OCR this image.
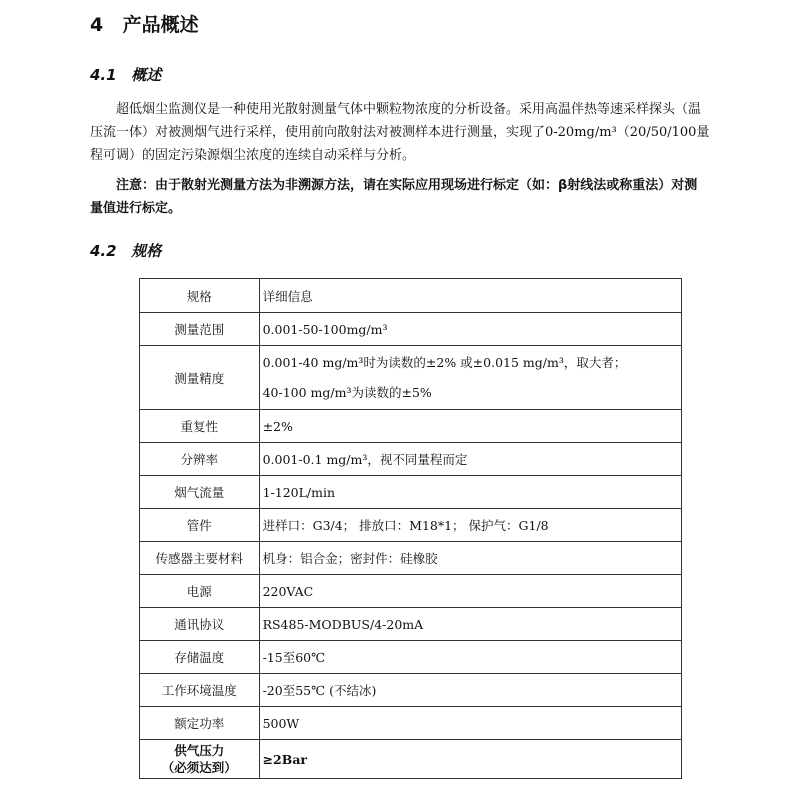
4 产品概述
4.1 概述

超低烟尘监测仪是一种使用光散射测量气体中颗粒物浓度的分析设备。采用高温伴热等速采样探头（温压流一体）对被测烟气进行采样，使用前向散射法对被测样本进行测量，实现了0-20mg/m³（20/50/100量程可调）的固定污染源烟尘浓度的连续自动采样与分析。

注意：由于散射光测量方法为非溯源方法，请在实际应用现场进行标定（如：β射线法或称重法）对测量值进行标定。

4.2 规格
规格	详细信息
测量范围	0.001-50-100mg/m³
测量精度	0.001-40 mg/m³时为读数的±2% 或±0.015 mg/m³，取大者；
40-100 mg/m³为读数的±5%

重复性	±2%
分辨率	0.001-0.1 mg/m³，视不同量程而定
烟气流量	1-120L/min
管件	进样口：G3/4； 排放口：M18*1； 保护气：G1/8
传感器主要材料	机身：铝合金；密封件：硅橡胶
电源	220VAC
通讯协议	RS485-MODBUS/4-20mA
存储温度	-15至60℃
工作环境温度	-20至55℃ (不结冰)
额定功率	500W

供气压力
（必须达到）	≥2Bar
